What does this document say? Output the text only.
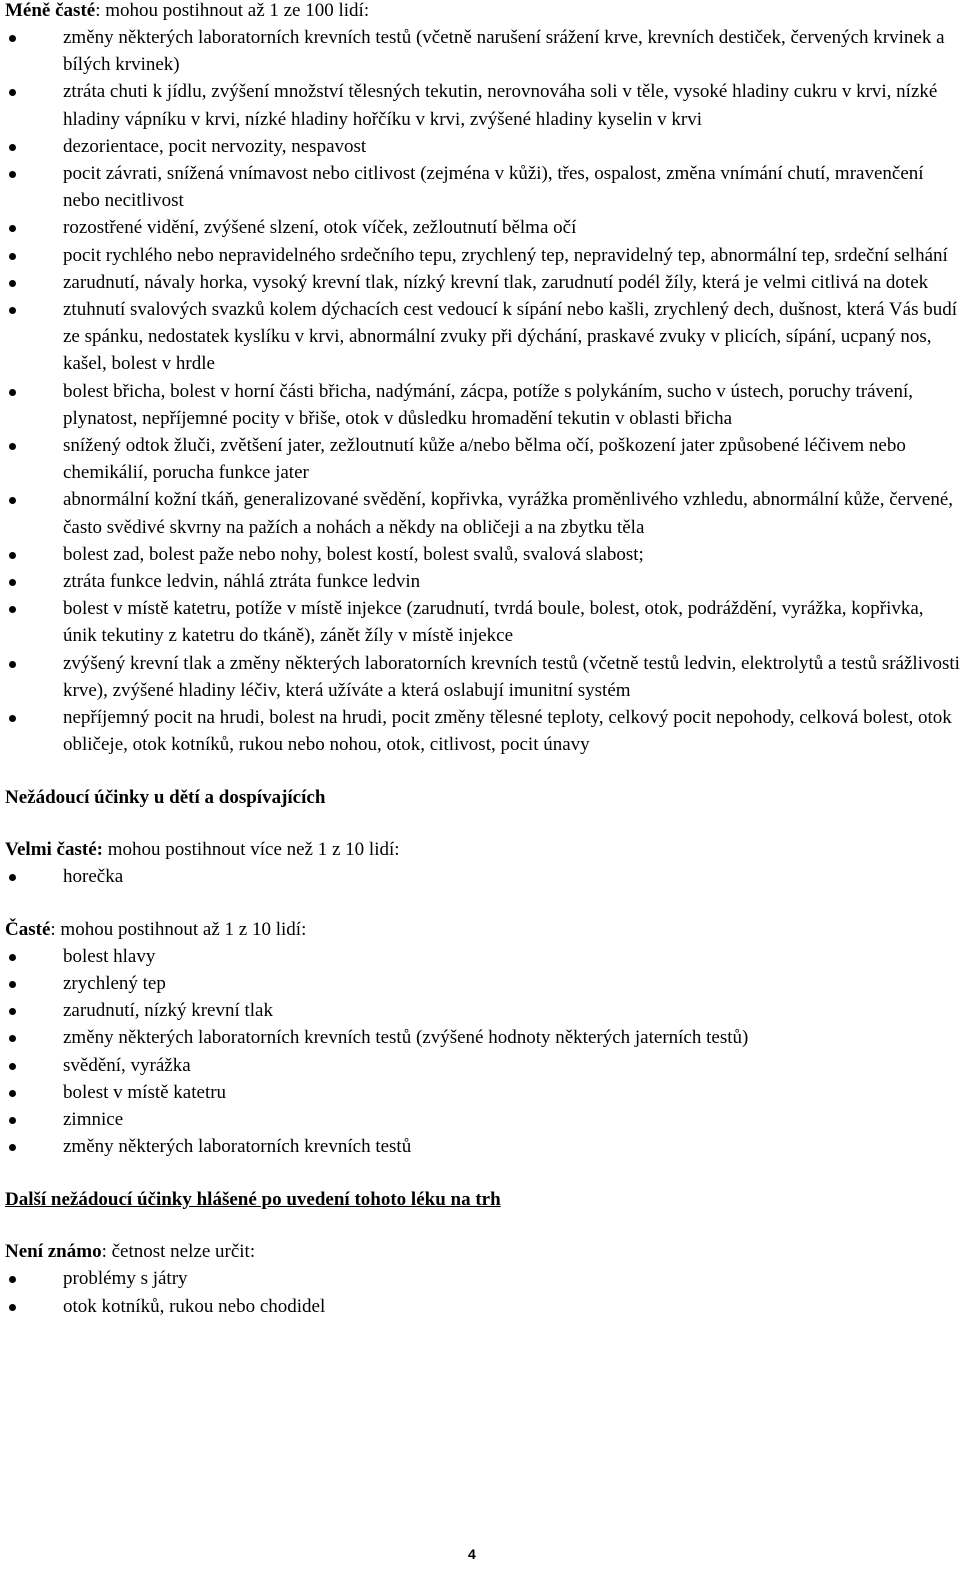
Méně časté: mohou postihnout až 1 ze 100 lidí:
změny některých laboratorních krevních testů (včetně narušení srážení krve, krevních destiček, červených krvinek a bílých krvinek)
ztráta chuti k jídlu, zvýšení množství tělesných tekutin, nerovnováha soli v těle, vysoké hladiny cukru v krvi, nízké hladiny vápníku v krvi, nízké hladiny hořčíku v krvi, zvýšené hladiny kyselin v krvi
dezorientace, pocit nervozity, nespavost
pocit závrati, snížená vnímavost nebo citlivost (zejména v kůži), třes, ospalost, změna vnímání chutí, mravenčení nebo necitlivost
rozostřené vidění, zvýšené slzení, otok víček, zežloutnutí bělma očí
pocit rychlého nebo nepravidelného srdečního tepu, zrychlený tep, nepravidelný tep, abnormální tep, srdeční selhání
zarudnutí, návaly horka, vysoký krevní tlak, nízký krevní tlak, zarudnutí podél žíly, která je velmi citlivá na dotek
ztuhnutí svalových svazků kolem dýchacích cest vedoucí k sípání nebo kašli, zrychlený dech, dušnost, která Vás budí ze spánku, nedostatek kyslíku v krvi, abnormální zvuky při dýchání, praskavé zvuky v plicích, sípání, ucpaný nos, kašel, bolest v hrdle
bolest břicha, bolest v horní části břicha, nadýmání, zácpa, potíže s polykáním, sucho v ústech, poruchy trávení, plynatost, nepříjemné pocity v břiše, otok v důsledku hromadění tekutin v oblasti břicha
snížený odtok žluči, zvětšení jater, zežloutnutí kůže a/nebo bělma očí, poškození jater způsobené léčivem nebo chemikálií, porucha funkce jater
abnormální kožní tkáň, generalizované svědění, kopřivka, vyrážka proměnlivého vzhledu, abnormální kůže, červené, často svědivé skvrny na pažích a nohách a někdy na obličeji a na zbytku těla
bolest zad, bolest paže nebo nohy, bolest kostí, bolest svalů, svalová slabost;
ztráta funkce ledvin, náhlá ztráta funkce ledvin
bolest v místě katetru, potíže v místě injekce (zarudnutí, tvrdá boule, bolest, otok, podráždění, vyrážka, kopřivka, únik tekutiny z katetru do tkáně), zánět žíly v místě injekce
zvýšený krevní tlak a změny některých laboratorních krevních testů (včetně testů ledvin, elektrolytů a testů srážlivosti krve), zvýšené hladiny léčiv, která užíváte a která oslabují imunitní systém
nepříjemný pocit na hrudi, bolest na hrudi, pocit změny tělesné teploty, celkový pocit nepohody, celková bolest, otok obličeje, otok kotníků, rukou nebo nohou, otok, citlivost, pocit únavy
Nežádoucí účinky u dětí a dospívajících
Velmi časté: mohou postihnout více než 1 z 10 lidí:
horečka
Časté: mohou postihnout až 1 z 10 lidí:
bolest hlavy
zrychlený tep
zarudnutí, nízký krevní tlak
změny některých laboratorních krevních testů (zvýšené hodnoty některých jaterních testů)
svědění, vyrážka
bolest v místě katetru
zimnice
změny některých laboratorních krevních testů
Další nežádoucí účinky hlášené po uvedení tohoto léku na trh
Není známo: četnost nelze určit:
problémy s játry
otok kotníků, rukou nebo chodidel
4
